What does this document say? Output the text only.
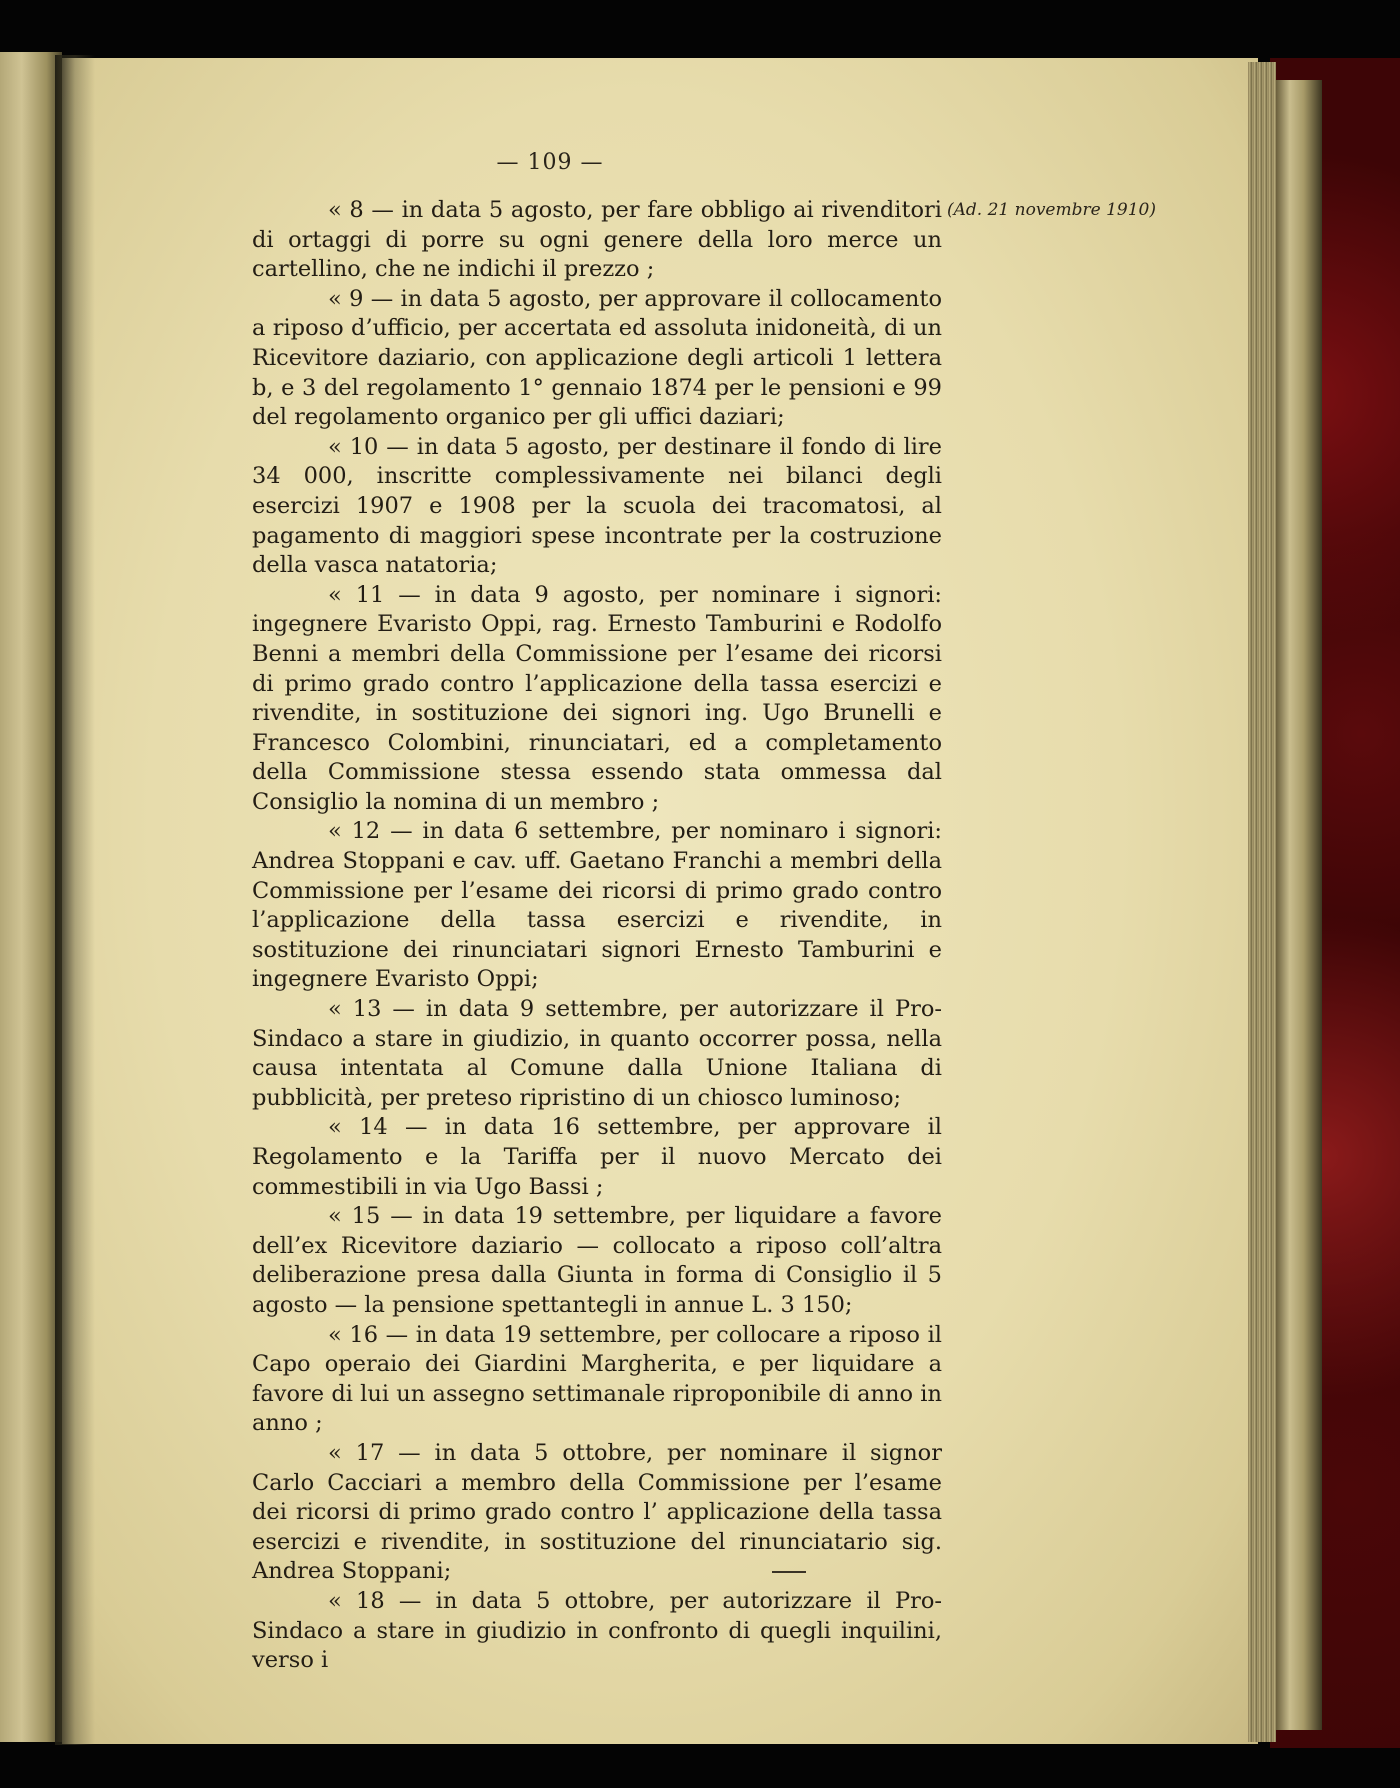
— 109 —
(Ad. 21 novembre 1910)

« 8 — in data 5 agosto, per fare obbligo ai rivenditori di ortaggi di porre su ogni genere della loro merce un cartellino, che ne indichi il prezzo ;

« 9 — in data 5 agosto, per approvare il collocamento a riposo d’ufficio, per accertata ed assoluta inidoneità, di un Ricevitore daziario, con applicazione degli articoli 1 lettera b, e 3 del regolamento 1° gennaio 1874 per le pensioni e 99 del regolamento organico per gli uffici daziari;

« 10 — in data 5 agosto, per destinare il fondo di lire 34 000, inscritte complessivamente nei bilanci degli esercizi 1907 e 1908 per la scuola dei tracomatosi, al pagamento di maggiori spese incontrate per la costruzione della vasca natatoria;

« 11 — in data 9 agosto, per nominare i signori: ingegnere Evaristo Oppi, rag. Ernesto Tamburini e Rodolfo Benni a membri della Commissione per l’esame dei ricorsi di primo grado contro l’applicazione della tassa esercizi e rivendite, in sostituzione dei signori ing. Ugo Brunelli e Francesco Colombini, rinunciatari, ed a completamento della Commissione stessa essendo stata ommessa dal Consiglio la nomina di un membro ;

« 12 — in data 6 settembre, per nominaro i signori: Andrea Stoppani e cav. uff. Gaetano Franchi a membri della Commissione per l’esame dei ricorsi di primo grado contro l’applicazione della tassa esercizi e rivendite, in sostituzione dei rinunciatari signori Ernesto Tamburini e ingegnere Evaristo Oppi;

« 13 — in data 9 settembre, per autorizzare il Pro-Sindaco a stare in giudizio, in quanto occorrer possa, nella causa intentata al Comune dalla Unione Italiana di pubblicità, per preteso ripristino di un chiosco luminoso;

« 14 — in data 16 settembre, per approvare il Regolamento e la Tariffa per il nuovo Mercato dei commestibili in via Ugo Bassi ;

« 15 — in data 19 settembre, per liquidare a favore dell’ex Ricevitore daziario — collocato a riposo coll’altra deliberazione presa dalla Giunta in forma di Consiglio il 5 agosto — la pensione spettantegli in annue L. 3 150;

« 16 — in data 19 settembre, per collocare a riposo il Capo operaio dei Giardini Margherita, e per liquidare a favore di lui un assegno settimanale riproponibile di anno in anno ;

« 17 — in data 5 ottobre, per nominare il signor Carlo Cacciari a membro della Commissione per l’esame dei ricorsi di primo grado contro l’ applicazione della tassa esercizi e rivendite, in sostituzione del rinunciatario sig. Andrea Stoppani;

« 18 — in data 5 ottobre, per autorizzare il Pro-Sindaco a stare in giudizio in confronto di quegli inquilini, verso i
